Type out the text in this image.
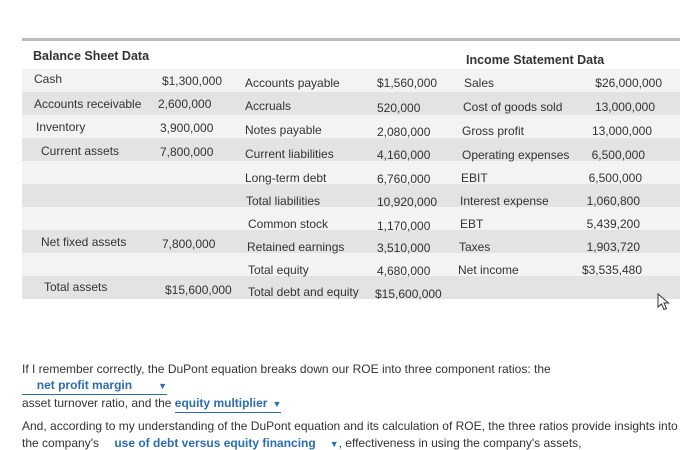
Balance Sheet Data	Income Statement Data
Cash	$1,300,000
Accounts receivable 2,600,000
Inventory	3,900,000
Current assets	7,800,000
Net fixed assets	7,800,000
Total assets	$15,600,000
Accounts payable	$1,560,000
Accruals	520,000
Notes payable	2,080,000
Current liabilities	4,160,000
Long-term debt	6,760,000
Total liabilities	10,920,000
Common stock	1,170,000
Retained earnings	3,510,000
Total equity	4,680,000
Total debt and equity $15,600,000
Sales	$26,000,000
Cost of goods sold	13,000,000
Gross profit	13,000,000
Operating expenses	6,500,000
EBIT	6,500,000
Interest expense	1,060,800
EBT	5,439,200
Taxes	1,903,720
Net income	$3,535,480
If I remember correctly, the DuPont equation breaks down our ROE into three component ratios: the net profit margin	▼
asset turnover ratio, and the equity multiplier ▼
And, according to my understanding of the DuPont equation and its calculation of ROE, the three ratios provide insights into the company's use of debt versus equity financing ▼, effectiveness in using the company's assets,
